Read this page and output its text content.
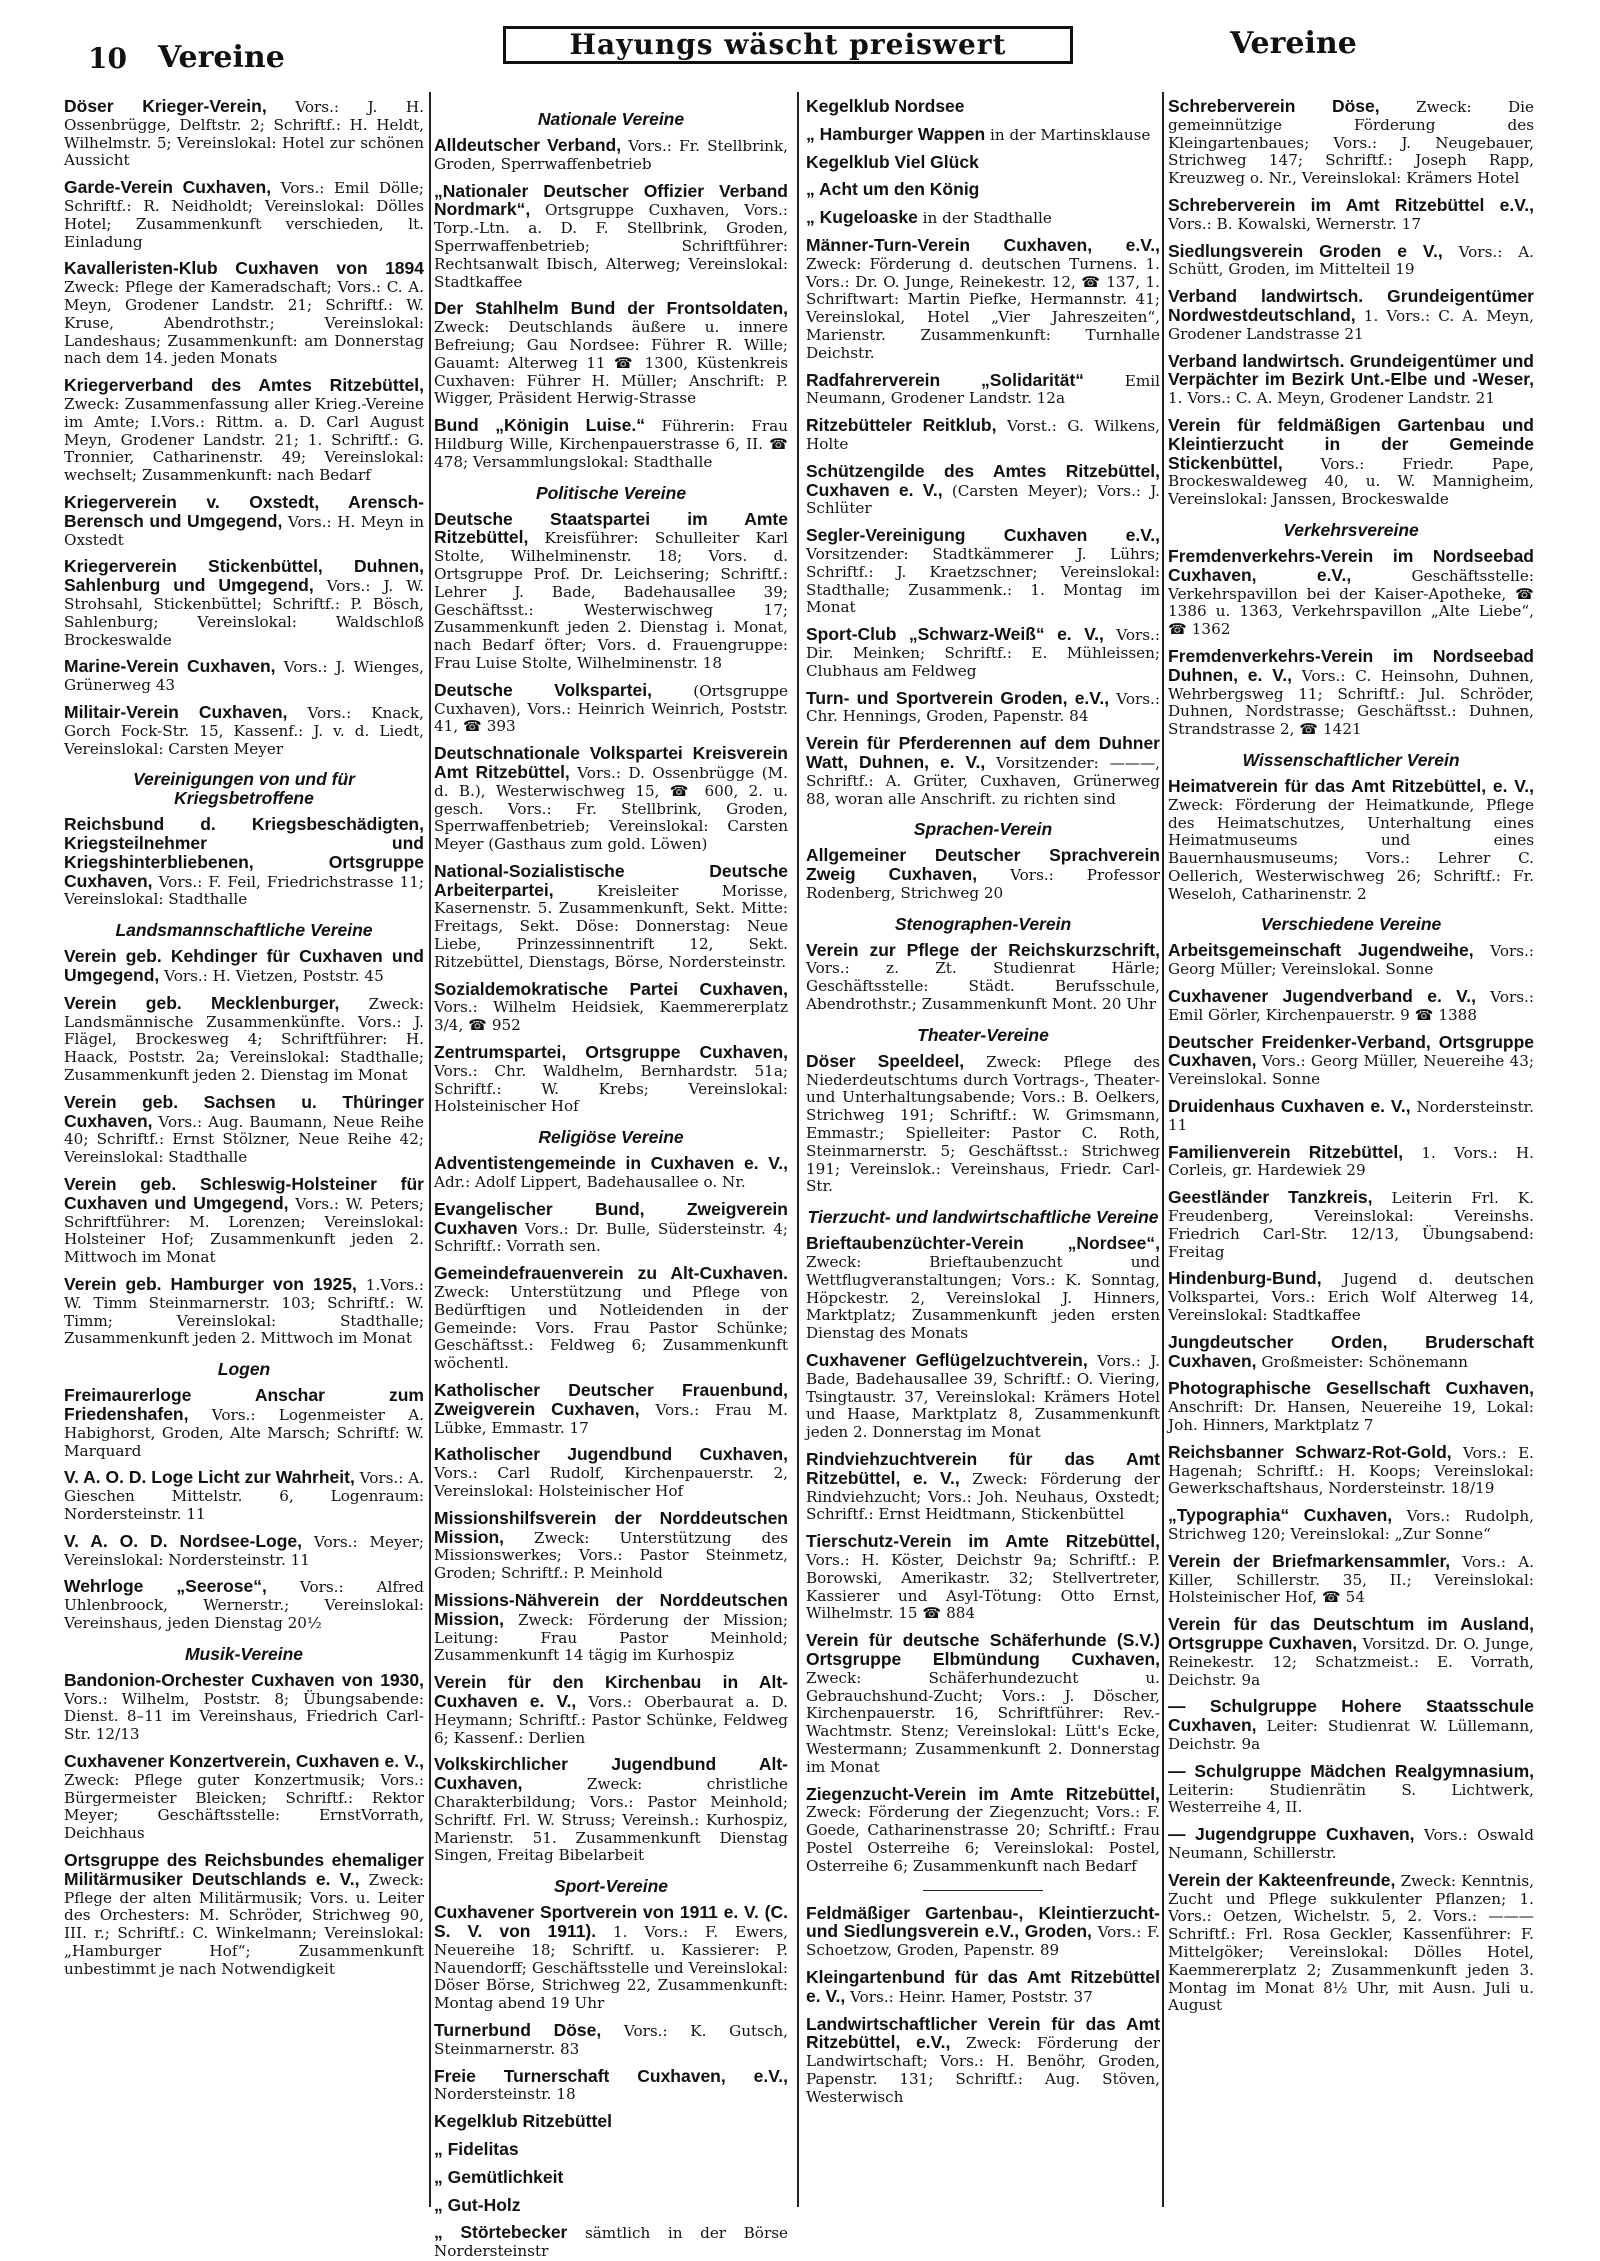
10 Vereine	Hayungs wäscht preiswert	Vereine
Döser Krieger-Verein, Vors.: J. H. Ossenbrügge, Delftstr. 2; Schriftf.: H. Heldt, Wilhelmstr. 5; Vereinslokal: Hotel zur schönen Aussicht
Garde-Verein Cuxhaven, Vors.: Emil Dölle; Schriftf.: R. Neidholdt; Vereinslokal: Dölles Hotel; Zusammenkunft verschieden, lt. Einladung
Kavalleristen-Klub Cuxhaven von 1894 Zweck: Pflege der Kameradschaft; Vors.: C. A. Meyn, Grodener Landstr. 21; Schriftf.: W. Kruse, Abendrothstr.; Vereinslokal: Landeshaus; Zusammenkunft: am Donnerstag nach dem 14. jeden Monats
Kriegerverband des Amtes Ritzebüttel, Zweck: Zusammenfassung aller Krieg.-Vereine im Amte; I.Vors.: Rittm. a. D. Carl August Meyn, Grodener Landstr. 21; 1. Schriftf.: G. Tronnier, Catharinenstr. 49; Vereinslokal: wechselt; Zusammenkunft: nach Bedarf
Kriegerverein v. Oxstedt, Arensch-Berensch und Umgegend, Vors.: H. Meyn in Oxstedt
Kriegerverein Stickenbüttel, Duhnen, Sahlenburg und Umgegend, Vors.: J. W. Strohsahl, Stickenbüttel; Schriftf.: P. Bösch, Sahlenburg; Vereinslokal: Waldschloß Brockeswalde
Marine-Verein Cuxhaven, Vors.: J. Wienges, Grünerweg 43
Militair-Verein Cuxhaven, Vors.: Knack, Gorch Fock-Str. 15, Kassenf.: J. v. d. Liedt, Vereinslokal: Carsten Meyer
Vereinigungen von und für Kriegsbetroffene
Reichsbund d. Kriegsbeschädigten, Kriegsteilnehmer und Kriegshinterbliebenen, Ortsgruppe Cuxhaven, Vors.: F. Feil, Friedrichstrasse 11; Vereinslokal: Stadthalle
Landsmannschaftliche Vereine
Verein geb. Kehdinger für Cuxhaven und Umgegend, Vors.: H. Vietzen, Poststr. 45
Verein geb. Mecklenburger, Zweck: Landsmännische Zusammenkünfte. Vors.: J. Flägel, Brockesweg 4; Schriftführer: H. Haack, Poststr. 2a; Vereinslokal: Stadthalle; Zusammenkunft jeden 2. Dienstag im Monat
Verein geb. Sachsen u. Thüringer Cuxhaven, Vors.: Aug. Baumann, Neue Reihe 40; Schriftf.: Ernst Stölzner, Neue Reihe 42; Vereinslokal: Stadthalle
Verein geb. Schleswig-Holsteiner für Cuxhaven und Umgegend, Vors.: W. Peters; Schriftführer: M. Lorenzen; Vereinslokal: Holsteiner Hof; Zusammenkunft jeden 2. Mittwoch im Monat
Verein geb. Hamburger von 1925, 1.Vors.: W. Timm Steinmarnerstr. 103; Schriftf.: W. Timm; Vereinslokal: Stadthalle; Zusammenkunft jeden 2. Mittwoch im Monat
Logen
Freimaurerloge Anschar zum Friedenshafen, Vors.: Logenmeister A. Habighorst, Groden, Alte Marsch; Schriftf: W. Marquard
V. A. O. D. Loge Licht zur Wahrheit, Vors.: A. Gieschen Mittelstr. 6, Logenraum: Nordersteinstr. 11
V. A. O. D. Nordsee-Loge, Vors.: Meyer; Vereinslokal: Nordersteinstr. 11
Wehrloge „Seerose“, Vors.: Alfred Uhlenbroock, Wernerstr.; Vereinslokal: Vereinshaus, jeden Dienstag 20½
Musik-Vereine
Bandonion-Orchester Cuxhaven von 1930, Vors.: Wilhelm, Poststr. 8; Übungsabende: Dienst. 8–11 im Vereinshaus, Friedrich Carl-Str. 12/13
Cuxhavener Konzertverein, Cuxhaven e. V., Zweck: Pflege guter Konzertmusik; Vors.: Bürgermeister Bleicken; Schriftf.: Rektor Meyer; Geschäftsstelle: ErnstVorrath, Deichhaus
Ortsgruppe des Reichsbundes ehemaliger Militärmusiker Deutschlands e. V., Zweck: Pflege der alten Militärmusik; Vors. u. Leiter des Orchesters: M. Schröder, Strichweg 90, III. r.; Schriftf.: C. Winkelmann; Vereinslokal: „Hamburger Hof“; Zusammenkunft unbestimmt je nach Notwendigkeit
Nationale Vereine
Alldeutscher Verband, Vors.: Fr. Stellbrink, Groden, Sperrwaffenbetrieb
„Nationaler Deutscher Offizier Verband Nordmark“, Ortsgruppe Cuxhaven, Vors.: Torp.-Ltn. a. D. F. Stellbrink, Groden, Sperrwaffenbetrieb; Schriftführer: Rechtsanwalt Ibisch, Alterweg; Vereinslokal: Stadtkaffee
Der Stahlhelm Bund der Frontsoldaten, Zweck: Deutschlands äußere u. innere Befreiung; Gau Nordsee: Führer R. Wille; Gauamt: Alterweg 11 ☎ 1300, Küstenkreis Cuxhaven: Führer H. Müller; Anschrift: P. Wigger, Präsident Herwig-Strasse
Bund „Königin Luise.“ Führerin: Frau Hildburg Wille, Kirchenpauerstrasse 6, II. ☎ 478; Versammlungslokal: Stadthalle
Politische Vereine
Deutsche Staatspartei im Amte Ritzebüttel, Kreisführer: Schulleiter Karl Stolte, Wilhelminenstr. 18; Vors. d. Ortsgruppe Prof. Dr. Leichsering; Schriftf.: Lehrer J. Bade, Badehausallee 39; Geschäftsst.: Westerwischweg 17; Zusammenkunft jeden 2. Dienstag i. Monat, nach Bedarf öfter; Vors. d. Frauengruppe: Frau Luise Stolte, Wilhelminenstr. 18
Deutsche Volkspartei, (Ortsgruppe Cuxhaven), Vors.: Heinrich Weinrich, Poststr. 41, ☎ 393
Deutschnationale Volkspartei Kreisverein Amt Ritzebüttel, Vors.: D. Ossenbrügge (M. d. B.), Westerwischweg 15, ☎ 600, 2. u. gesch. Vors.: Fr. Stellbrink, Groden, Sperrwaffenbetrieb; Vereinslokal: Carsten Meyer (Gasthaus zum gold. Löwen)
National-Sozialistische Deutsche Arbeiterpartei, Kreisleiter Morisse, Kasernenstr. 5. Zusammenkunft, Sekt. Mitte: Freitags, Sekt. Döse: Donnerstag: Neue Liebe, Prinzessinnentrift 12, Sekt. Ritzebüttel, Dienstags, Börse, Nordersteinstr.
Sozialdemokratische Partei Cuxhaven, Vors.: Wilhelm Heidsiek, Kaemmererplatz 3/4, ☎ 952
Zentrumspartei, Ortsgruppe Cuxhaven, Vors.: Chr. Waldhelm, Bernhardstr. 51a; Schriftf.: W. Krebs; Vereinslokal: Holsteinischer Hof
Religiöse Vereine
Adventistengemeinde in Cuxhaven e. V., Adr.: Adolf Lippert, Badehausallee o. Nr.
Evangelischer Bund, Zweigverein Cuxhaven Vors.: Dr. Bulle, Südersteinstr. 4; Schriftf.: Vorrath sen.
Gemeindefrauenverein zu Alt-Cuxhaven. Zweck: Unterstützung und Pflege von Bedürftigen und Notleidenden in der Gemeinde: Vors. Frau Pastor Schünke; Geschäftsst.: Feldweg 6; Zusammenkunft wöchentl.
Katholischer Deutscher Frauenbund, Zweigverein Cuxhaven, Vors.: Frau M. Lübke, Emmastr. 17
Katholischer Jugendbund Cuxhaven, Vors.: Carl Rudolf, Kirchenpauerstr. 2, Vereinslokal: Holsteinischer Hof
Missionshilfsverein der Norddeutschen Mission, Zweck: Unterstützung des Missionswerkes; Vors.: Pastor Steinmetz, Groden; Schriftf.: P. Meinhold
Missions-Nähverein der Norddeutschen Mission, Zweck: Förderung der Mission; Leitung: Frau Pastor Meinhold; Zusammenkunft 14 tägig im Kurhospiz
Verein für den Kirchenbau in Alt-Cuxhaven e. V., Vors.: Oberbaurat a. D. Heymann; Schriftf.: Pastor Schünke, Feldweg 6; Kassenf.: Derlien
Volkskirchlicher Jugendbund Alt-Cuxhaven, Zweck: christliche Charakterbildung; Vors.: Pastor Meinhold; Schriftf. Frl. W. Struss; Vereinsh.: Kurhospiz, Marienstr. 51. Zusammenkunft Dienstag Singen, Freitag Bibelarbeit
Sport-Vereine
Cuxhavener Sportverein von 1911 e. V. (C. S. V. von 1911). 1. Vors.: F. Ewers, Neuereihe 18; Schriftf. u. Kassierer: P. Nauendorff; Geschäftsstelle und Vereinslokal: Döser Börse, Strichweg 22, Zusammenkunft: Montag abend 19 Uhr
Turnerbund Döse, Vors.: K. Gutsch, Steinmarnerstr. 83
Freie Turnerschaft Cuxhaven, e.V., Nordersteinstr. 18
Kegelklub Ritzebüttel
„ Fidelitas
„ Gemütlichkeit
„ Gut-Holz
„ Störtebecker sämtlich in der Börse Nordersteinstr
Kegelklub Nordsee
„ Hamburger Wappen in der Martinsklause
Kegelklub Viel Glück
„ Acht um den König
„ Kugeloaske in der Stadthalle
Männer-Turn-Verein Cuxhaven, e.V., Zweck: Förderung d. deutschen Turnens. 1. Vors.: Dr. O. Junge, Reinekestr. 12, ☎ 137, 1. Schriftwart: Martin Piefke, Hermannstr. 41; Vereinslokal, Hotel „Vier Jahreszeiten“, Marienstr. Zusammenkunft: Turnhalle Deichstr.
Radfahrerverein „Solidarität“ Emil Neumann, Grodener Landstr. 12a
Ritzebütteler Reitklub, Vorst.: G. Wilkens, Holte
Schützengilde des Amtes Ritzebüttel, Cuxhaven e. V., (Carsten Meyer); Vors.: J. Schlüter
Segler-Vereinigung Cuxhaven e.V., Vorsitzender: Stadtkämmerer J. Lührs; Schriftf.: J. Kraetzschner; Vereinslokal: Stadthalle; Zusammenk.: 1. Montag im Monat
Sport-Club „Schwarz-Weiß“ e. V., Vors.: Dir. Meinken; Schriftf.: E. Mühleissen; Clubhaus am Feldweg
Turn- und Sportverein Groden, e.V., Vors.: Chr. Hennings, Groden, Papenstr. 84
Verein für Pferderennen auf dem Duhner Watt, Duhnen, e. V., Vorsitzender: ———, Schriftf.: A. Grüter, Cuxhaven, Grünerweg 88, woran alle Anschrift. zu richten sind
Sprachen-Verein
Allgemeiner Deutscher Sprachverein Zweig Cuxhaven, Vors.: Professor Rodenberg, Strichweg 20
Stenographen-Verein
Verein zur Pflege der Reichskurzschrift, Vors.: z. Zt. Studienrat Härle; Geschäftsstelle: Städt. Berufsschule, Abendrothstr.; Zusammenkunft Mont. 20 Uhr
Theater-Vereine
Döser Speeldeel, Zweck: Pflege des Niederdeutschtums durch Vortrags-, Theater- und Unterhaltungsabende; Vors.: B. Oelkers, Strichweg 191; Schriftf.: W. Grimsmann, Emmastr.; Spielleiter: Pastor C. Roth, Steinmarnerstr. 5; Geschäftsst.: Strichweg 191; Vereinslok.: Vereinshaus, Friedr. Carl-Str.
Tierzucht- und landwirtschaftliche Vereine
Brieftaubenzüchter-Verein „Nordsee“, Zweck: Brieftaubenzucht und Wettflugveranstaltungen; Vors.: K. Sonntag, Höpckestr. 2, Vereinslokal J. Hinners, Marktplatz; Zusammenkunft jeden ersten Dienstag des Monats
Cuxhavener Geflügelzuchtverein, Vors.: J. Bade, Badehausallee 39, Schriftf.: O. Viering, Tsingtaustr. 37, Vereinslokal: Krämers Hotel und Haase, Marktplatz 8, Zusammenkunft jeden 2. Donnerstag im Monat
Rindviehzuchtverein für das Amt Ritzebüttel, e. V., Zweck: Förderung der Rindviehzucht; Vors.: Joh. Neuhaus, Oxstedt; Schriftf.: Ernst Heidtmann, Stickenbüttel
Tierschutz-Verein im Amte Ritzebüttel, Vors.: H. Köster, Deichstr 9a; Schriftf.: P. Borowski, Amerikastr. 32; Stellvertreter, Kassierer und Asyl-Tötung: Otto Ernst, Wilhelmstr. 15 ☎ 884
Verein für deutsche Schäferhunde (S.V.) Ortsgruppe Elbmündung Cuxhaven, Zweck: Schäferhundezucht u. Gebrauchshund-Zucht; Vors.: J. Döscher, Kirchenpauerstr. 16, Schriftführer: Rev.-Wachtmstr. Stenz; Vereinslokal: Lütt's Ecke, Westermann; Zusammenkunft 2. Donnerstag im Monat
Ziegenzucht-Verein im Amte Ritzebüttel, Zweck: Förderung der Ziegenzucht; Vors.: F. Goede, Catharinenstrasse 20; Schriftf.: Frau Postel Osterreihe 6; Vereinslokal: Postel, Osterreihe 6; Zusammenkunft nach Bedarf
Feldmäßiger Gartenbau-, Kleintierzucht- und Siedlungsverein e.V., Groden, Vors.: F. Schoetzow, Groden, Papenstr. 89
Kleingartenbund für das Amt Ritzebüttel e. V., Vors.: Heinr. Hamer, Poststr. 37
Landwirtschaftlicher Verein für das Amt Ritzebüttel, e.V., Zweck: Förderung der Landwirtschaft; Vors.: H. Benöhr, Groden, Papenstr. 131; Schriftf.: Aug. Stöven, Westerwisch
Schreberverein Döse, Zweck: Die gemeinnützige Förderung des Kleingartenbaues; Vors.: J. Neugebauer, Strichweg 147; Schriftf.: Joseph Rapp, Kreuzweg o. Nr., Vereinslokal: Krämers Hotel
Schreberverein im Amt Ritzebüttel e.V., Vors.: B. Kowalski, Wernerstr. 17
Siedlungsverein Groden e V., Vors.: A. Schütt, Groden, im Mittelteil 19
Verband landwirtsch. Grundeigentümer Nordwestdeutschland, 1. Vors.: C. A. Meyn, Grodener Landstrasse 21
Verband landwirtsch. Grundeigentümer und Verpächter im Bezirk Unt.-Elbe und -Weser, 1. Vors.: C. A. Meyn, Grodener Landstr. 21
Verein für feldmäßigen Gartenbau und Kleintierzucht in der Gemeinde Stickenbüttel, Vors.: Friedr. Pape, Brockeswaldeweg 40, u. W. Mannigheim, Vereinslokal: Janssen, Brockeswalde
Verkehrsvereine
Fremdenverkehrs-Verein im Nordseebad Cuxhaven, e.V., Geschäftsstelle: Verkehrspavillon bei der Kaiser-Apotheke, ☎ 1386 u. 1363, Verkehrspavillon „Alte Liebe“, ☎ 1362
Fremdenverkehrs-Verein im Nordseebad Duhnen, e. V., Vors.: C. Heinsohn, Duhnen, Wehrbergsweg 11; Schriftf.: Jul. Schröder, Duhnen, Nordstrasse; Geschäftsst.: Duhnen, Strandstrasse 2, ☎ 1421
Wissenschaftlicher Verein
Heimatverein für das Amt Ritzebüttel, e. V., Zweck: Förderung der Heimatkunde, Pflege des Heimatschutzes, Unterhaltung eines Heimatmuseums und eines Bauernhausmuseums; Vors.: Lehrer C. Oellerich, Westerwischweg 26; Schriftf.: Fr. Weseloh, Catharinenstr. 2
Verschiedene Vereine
Arbeitsgemeinschaft Jugendweihe, Vors.: Georg Müller; Vereinslokal. Sonne
Cuxhavener Jugendverband e. V., Vors.: Emil Görler, Kirchenpauerstr. 9 ☎ 1388
Deutscher Freidenker-Verband, Ortsgruppe Cuxhaven, Vors.: Georg Müller, Neuereihe 43; Vereinslokal. Sonne
Druidenhaus Cuxhaven e. V., Nordersteinstr. 11
Familienverein Ritzebüttel, 1. Vors.: H. Corleis, gr. Hardewiek 29
Geestländer Tanzkreis, Leiterin Frl. K. Freudenberg, Vereinslokal: Vereinshs. Friedrich Carl-Str. 12/13, Übungsabend: Freitag
Hindenburg-Bund, Jugend d. deutschen Volkspartei, Vors.: Erich Wolf Alterweg 14, Vereinslokal: Stadtkaffee
Jungdeutscher Orden, Bruderschaft Cuxhaven, Großmeister: Schönemann
Photographische Gesellschaft Cuxhaven, Anschrift: Dr. Hansen, Neuereihe 19, Lokal: Joh. Hinners, Marktplatz 7
Reichsbanner Schwarz-Rot-Gold, Vors.: E. Hagenah; Schriftf.: H. Koops; Vereinslokal: Gewerkschaftshaus, Nordersteinstr. 18/19
„Typographia“ Cuxhaven, Vors.: Rudolph, Strichweg 120; Vereinslokal: „Zur Sonne“
Verein der Briefmarkensammler, Vors.: A. Killer, Schillerstr. 35, II.; Vereinslokal: Holsteinischer Hof, ☎ 54
Verein für das Deutschtum im Ausland, Ortsgruppe Cuxhaven, Vorsitzd. Dr. O. Junge, Reinekestr. 12; Schatzmeist.: E. Vorrath, Deichstr. 9a
— Schulgruppe Hohere Staatsschule Cuxhaven, Leiter: Studienrat W. Lüllemann, Deichstr. 9a
— Schulgruppe Mädchen Realgymnasium, Leiterin: Studienrätin S. Lichtwerk, Westerreihe 4, II.
— Jugendgruppe Cuxhaven, Vors.: Oswald Neumann, Schillerstr.
Verein der Kakteenfreunde, Zweck: Kenntnis, Zucht und Pflege sukkulenter Pflanzen; 1. Vors.: Oetzen, Wichelstr. 5, 2. Vors.: ——— Schriftf.: Frl. Rosa Geckler, Kassenführer: F. Mittelgöker; Vereinslokal: Dölles Hotel, Kaemmererplatz 2; Zusammenkunft jeden 3. Montag im Monat 8½ Uhr, mit Ausn. Juli u. August
